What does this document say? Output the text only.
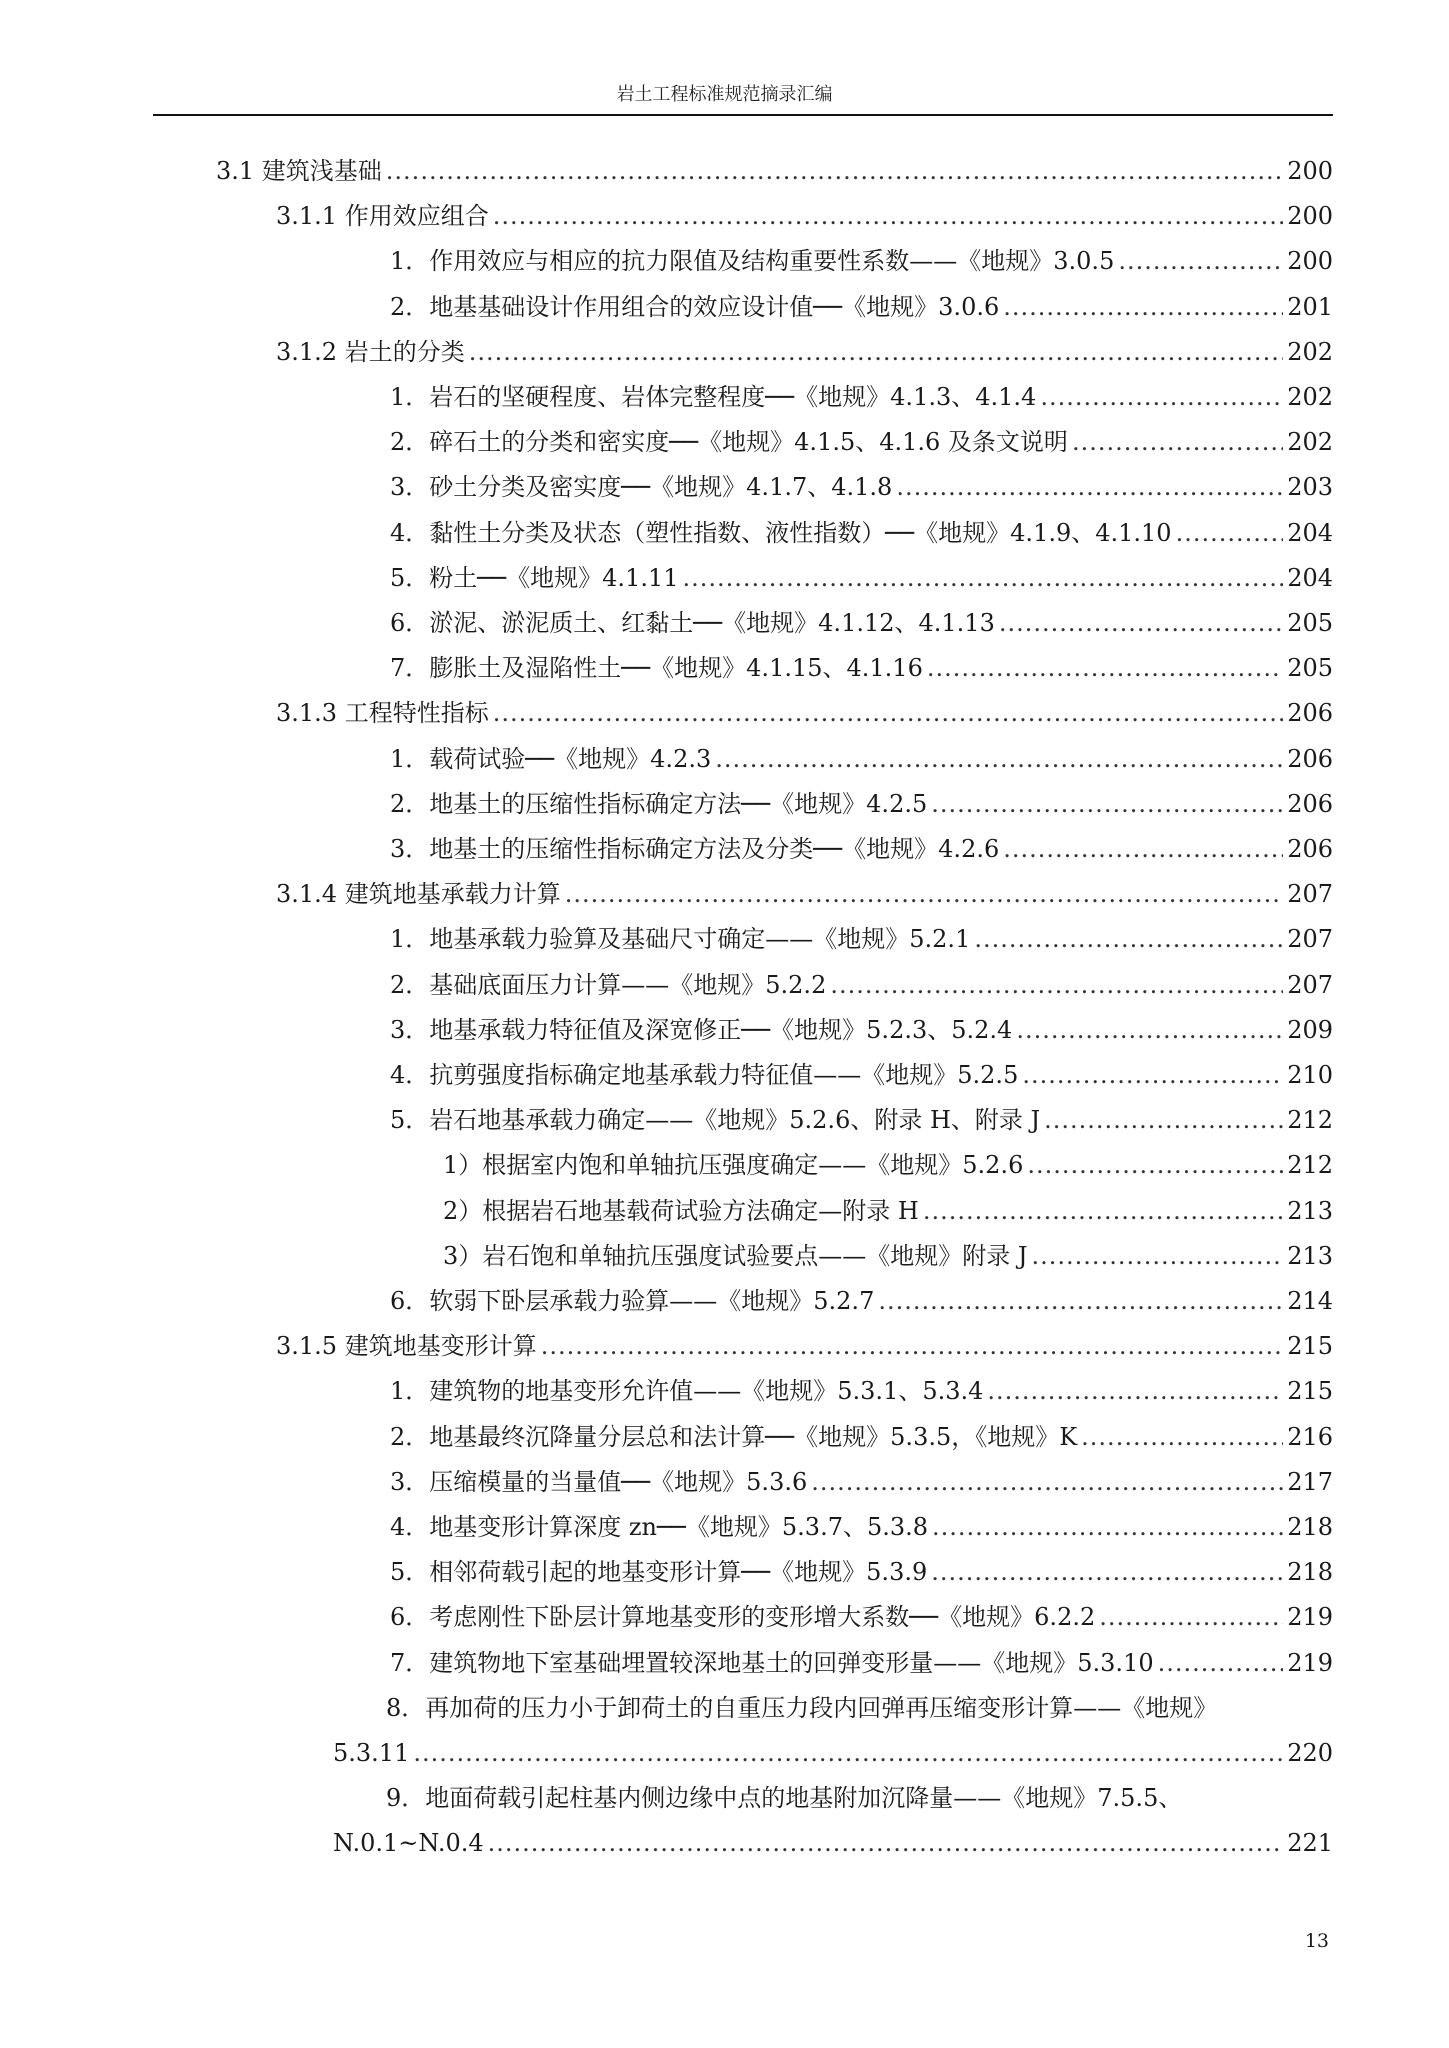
岩土工程标准规范摘录汇编
3.1 建筑浅基础 .....	200
3.1.1 作用效应组合 .....	200
1．作用效应与相应的抗力限值及结构重要性系数——《地规》3.0.5 .....	200
2．地基基础设计作用组合的效应设计值──《地规》3.0.6 .....	201
3.1.2 岩土的分类 .....	202
1．岩石的坚硬程度、岩体完整程度──《地规》4.1.3、4.1.4 .....	202
2．碎石土的分类和密实度──《地规》4.1.5、4.1.6 及条文说明 .....	202
3．砂土分类及密实度──《地规》4.1.7、4.1.8 .....	203
4．黏性土分类及状态（塑性指数、液性指数）──《地规》4.1.9、4.1.10 .....	204
5．粉土──《地规》4.1.11 .....	204
6．淤泥、淤泥质土、红黏土──《地规》4.1.12、4.1.13 .....	205
7．膨胀土及湿陷性土──《地规》4.1.15、4.1.16 .....	205
3.1.3 工程特性指标 .....	206
1．载荷试验──《地规》4.2.3 .....	206
2．地基土的压缩性指标确定方法──《地规》4.2.5 .....	206
3．地基土的压缩性指标确定方法及分类──《地规》4.2.6 .....	206
3.1.4 建筑地基承载力计算 .....	207
1．地基承载力验算及基础尺寸确定——《地规》5.2.1 .....	207
2．基础底面压力计算——《地规》5.2.2 .....	207
3．地基承载力特征值及深宽修正──《地规》5.2.3、5.2.4 .....	209
4．抗剪强度指标确定地基承载力特征值——《地规》5.2.5 .....	210
5．岩石地基承载力确定——《地规》5.2.6、附录 H、附录 J .....	212
1）根据室内饱和单轴抗压强度确定——《地规》5.2.6 .....	212
2）根据岩石地基载荷试验方法确定—附录 H .....	213
3）岩石饱和单轴抗压强度试验要点——《地规》附录 J .....	213
6．软弱下卧层承载力验算——《地规》5.2.7 .....	214
3.1.5 建筑地基变形计算 .....	215
1．建筑物的地基变形允许值——《地规》5.3.1、5.3.4 .....	215
2．地基最终沉降量分层总和法计算──《地规》5.3.5，《地规》K .....	216
3．压缩模量的当量值──《地规》5.3.6 .....	217
4．地基变形计算深度 zn──《地规》5.3.7、5.3.8 .....	218
5．相邻荷载引起的地基变形计算──《地规》5.3.9 .....	218
6．考虑刚性下卧层计算地基变形的变形增大系数──《地规》6.2.2 .....	219
7．建筑物地下室基础埋置较深地基土的回弹变形量——《地规》5.3.10 .....	219
8．再加荷的压力小于卸荷土的自重压力段内回弹再压缩变形计算——《地规》
5.3.11 .....	220
9．地面荷载引起柱基内侧边缘中点的地基附加沉降量——《地规》7.5.5、
N.0.1~N.0.4 .....	221
13
